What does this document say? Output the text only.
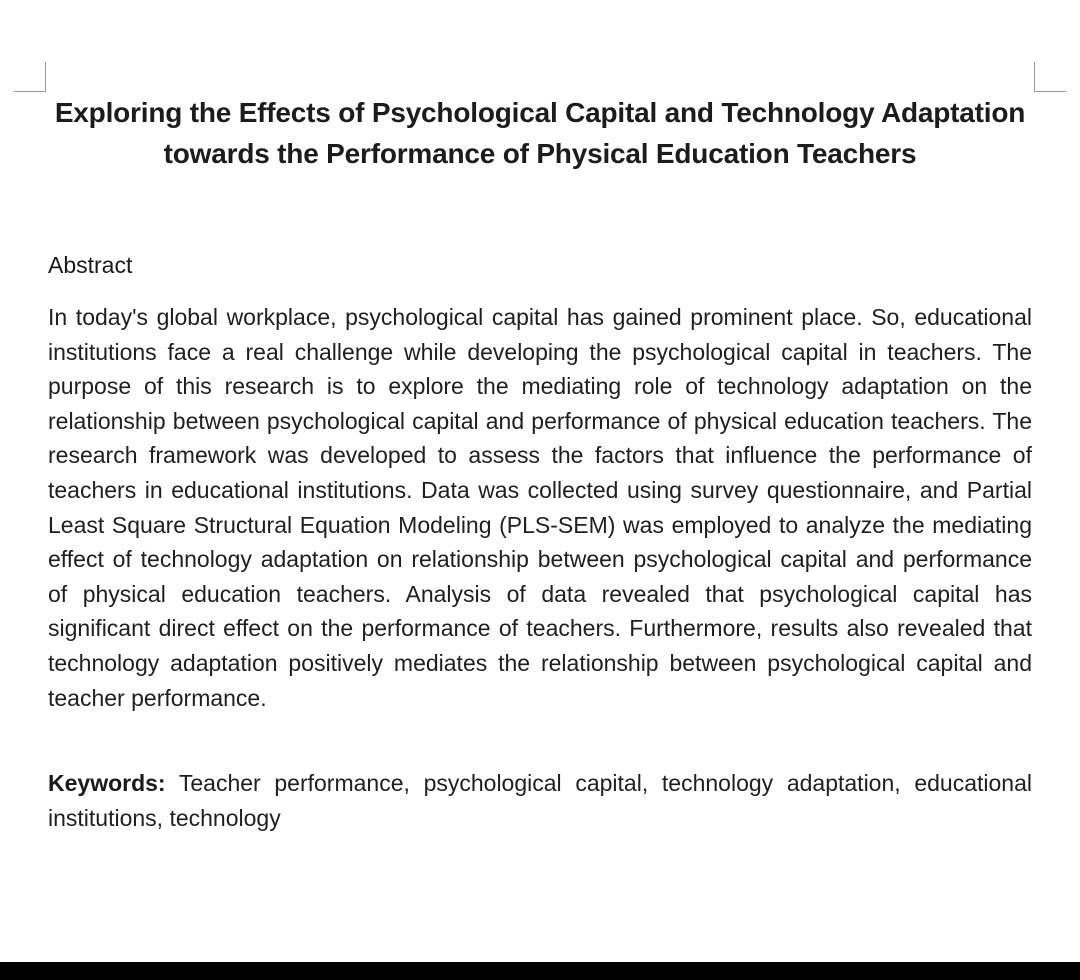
Exploring the Effects of Psychological Capital and Technology Adaptation towards the Performance of Physical Education Teachers
Abstract

In today's global workplace, psychological capital has gained prominent place. So, educational institutions face a real challenge while developing the psychological capital in teachers. The purpose of this research is to explore the mediating role of technology adaptation on the relationship between psychological capital and performance of physical education teachers. The research framework was developed to assess the factors that influence the performance of teachers in educational institutions. Data was collected using survey questionnaire, and Partial Least Square Structural Equation Modeling (PLS-SEM) was employed to analyze the mediating effect of technology adaptation on relationship between psychological capital and performance of physical education teachers. Analysis of data revealed that psychological capital has significant direct effect on the performance of teachers. Furthermore, results also revealed that technology adaptation positively mediates the relationship between psychological capital and teacher performance.

Keywords: Teacher performance, psychological capital, technology adaptation, educational institutions, technology
